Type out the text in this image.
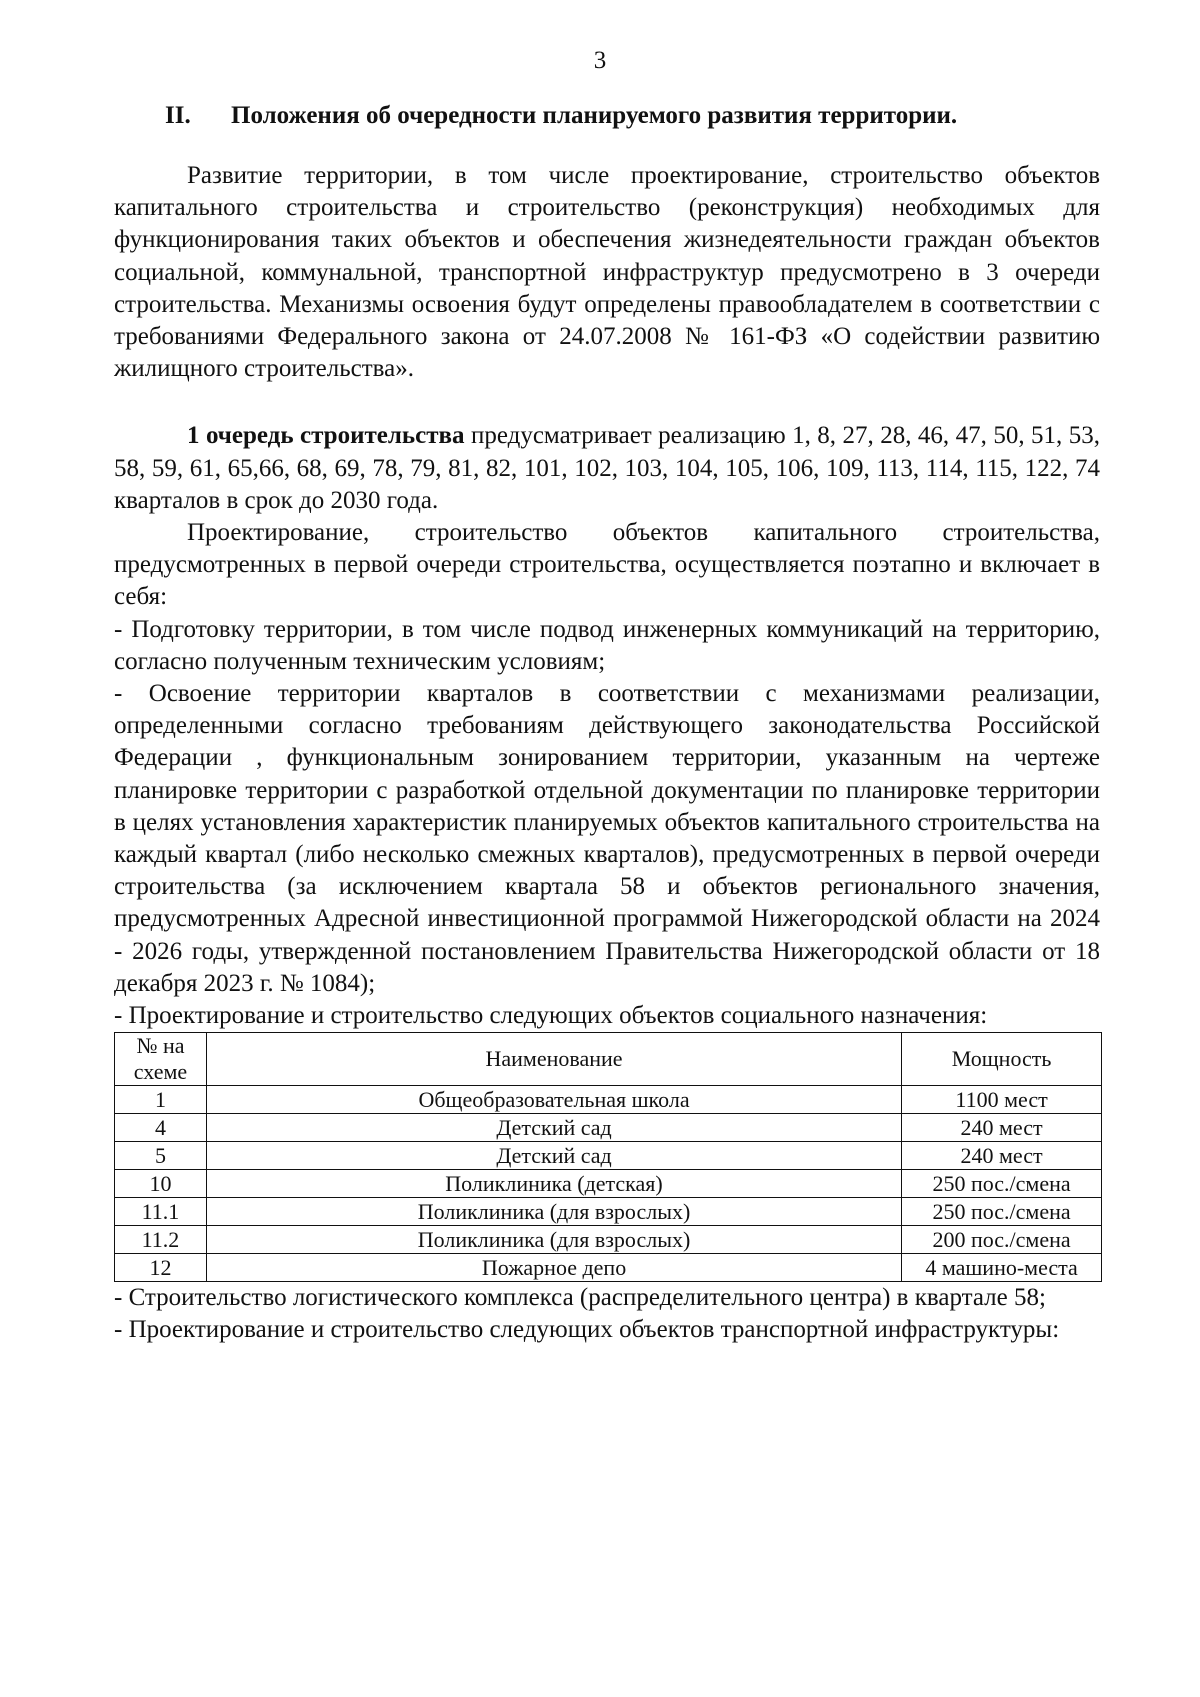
3
II. Положения об очередности планируемого развития территории.

Развитие территории, в том числе проектирование, строительство объектов капитального строительства и строительство (реконструкция) необходимых для функционирования таких объектов и обеспечения жизнедеятельности граждан объектов социальной, коммунальной, транспортной инфраструктур предусмотрено в 3 очереди строительства. Механизмы освоения будут определены правообладателем в соответствии с требованиями Федерального закона от 24.07.2008 № 161-ФЗ «О содействии развитию жилищного строительства».

1 очередь строительства предусматривает реализацию 1, 8, 27, 28, 46, 47, 50, 51, 53, 58, 59, 61, 65,66, 68, 69, 78, 79, 81, 82, 101, 102, 103, 104, 105, 106, 109, 113, 114, 115, 122, 74 кварталов в срок до 2030 года.

Проектирование, строительство объектов капитального строительства, предусмотренных в первой очереди строительства, осуществляется поэтапно и включает в себя:

- Подготовку территории, в том числе подвод инженерных коммуникаций на территорию, согласно полученным техническим условиям;

- Освоение территории кварталов в соответствии с механизмами реализации, определенными согласно требованиям действующего законодательства Российской Федерации , функциональным зонированием территории, указанным на чертеже планировке территории с разработкой отдельной документации по планировке территории в целях установления характеристик планируемых объектов капитального строительства на каждый квартал (либо несколько смежных кварталов), предусмотренных в первой очереди строительства (за исключением квартала 58 и объектов регионального значения, предусмотренных Адресной инвестиционной программой Нижегородской области на 2024 - 2026 годы, утвержденной постановлением Правительства Нижегородской области от 18 декабря 2023 г. № 1084);

- Проектирование и строительство следующих объектов социального назначения:

№ на схеме	Наименование	Мощность
1	Общеобразовательная школа	1100 мест
4	Детский сад	240 мест
5	Детский сад	240 мест
10	Поликлиника (детская)	250 пос./смена
11.1	Поликлиника (для взрослых)	250 пос./смена
11.2	Поликлиника (для взрослых)	200 пос./смена
12	Пожарное депо	4 машино-места

- Строительство логистического комплекса (распределительного центра) в квартале 58;

- Проектирование и строительство следующих объектов транспортной инфраструктуры:
